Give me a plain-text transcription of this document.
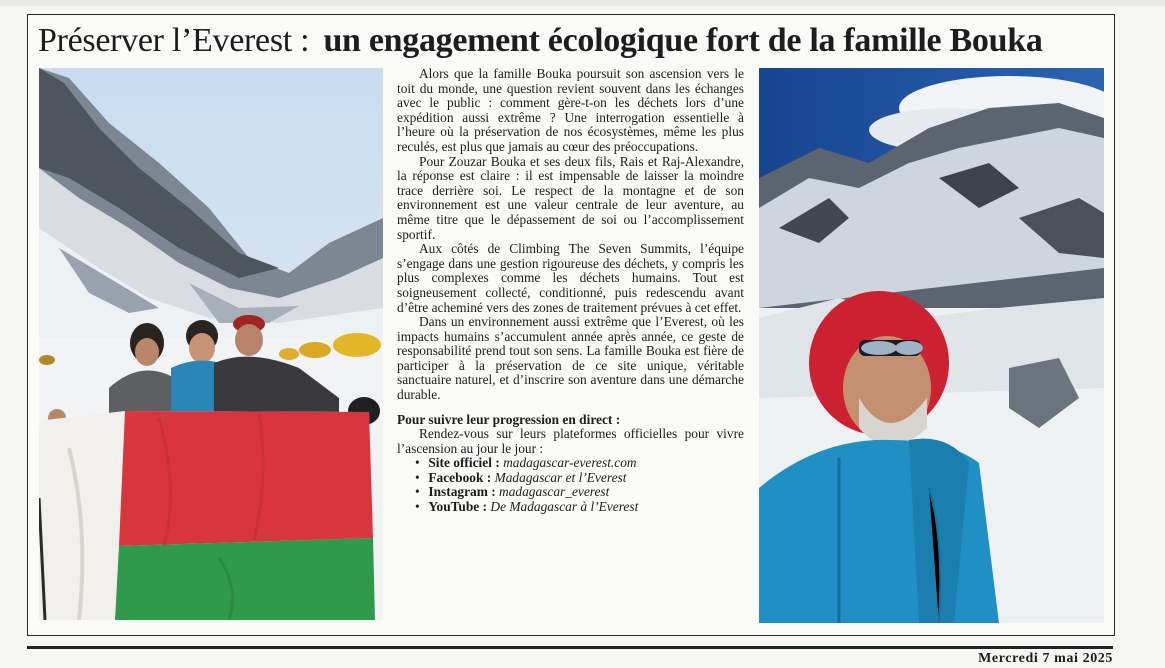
Préserver l’Everest : un engagement écologique fort de la famille Bouka

Alors que la famille Bouka poursuit son ascension vers le toit du monde, une question revient souvent dans les échanges avec le public : comment gère-t-on les déchets lors d’une expédition aussi extrême ? Une interrogation essentielle à l’heure où la préservation de nos écosystèmes, même les plus reculés, est plus que jamais au cœur des préoccupations.

Pour Zouzar Bouka et ses deux fils, Rais et Raj-Alexandre, la réponse est claire : il est impensable de laisser la moindre trace derrière soi. Le respect de la montagne et de son environnement est une valeur centrale de leur aventure, au même titre que le dépassement de soi ou l’accomplissement sportif.

Aux côtés de Climbing The Seven Summits, l’équipe s’engage dans une gestion rigoureuse des déchets, y compris les plus complexes comme les déchets humains. Tout est soigneusement collecté, conditionné, puis redescendu avant d’être acheminé vers des zones de traitement prévues à cet effet.

Dans un environnement aussi extrême que l’Everest, où les impacts humains s’accumulent année après année, ce geste de responsabilité prend tout son sens. La famille Bouka est fière de participer à la préservation de ce site unique, véritable sanctuaire naturel, et d’inscrire son aventure dans une démarche durable.

Pour suivre leur progression en direct :

Rendez-vous sur leurs plateformes officielles pour vivre l’ascension au jour le jour :

• Site officiel : madagascar-everest.com
• Facebook : Madagascar et l’Everest
• Instagram : madagascar_everest
• YouTube : De Madagascar à l’Everest
Mercredi 7 mai 2025
